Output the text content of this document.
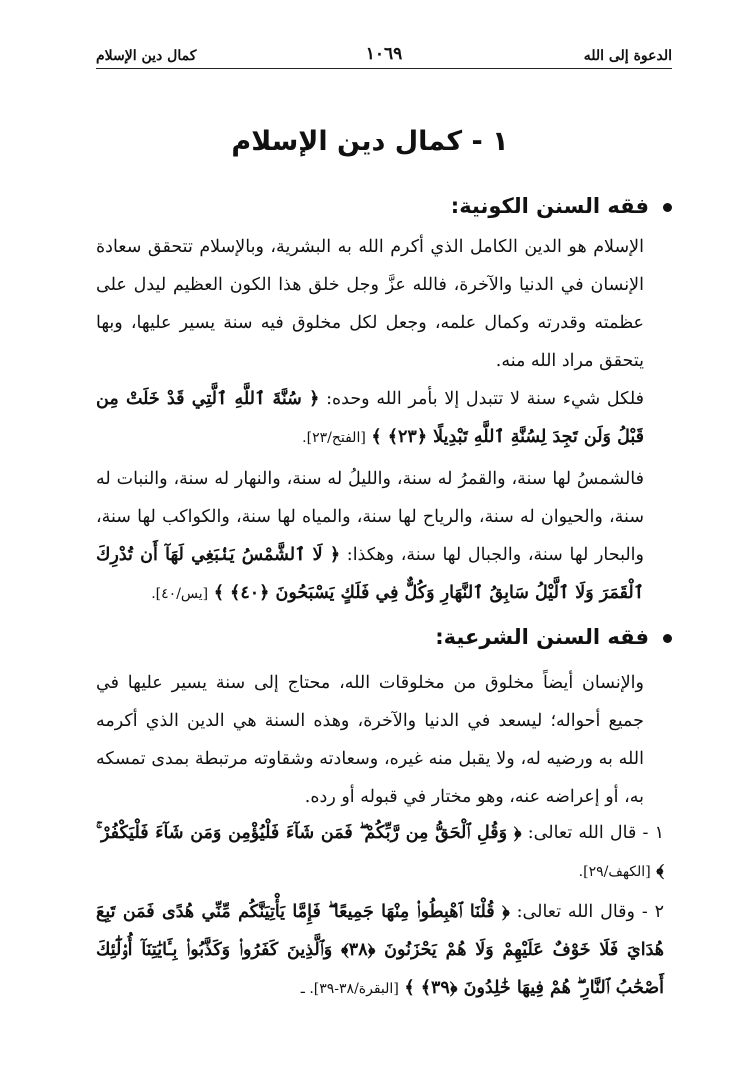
الدعوة إلى الله
١٠٦٩
كمال دين الإسلام
١ - كمال دين الإسلام
فقه السنن الكونية:
الإسلام هو الدين الكامل الذي أكرم الله به البشرية، وبالإسلام تتحقق سعادة الإنسان في الدنيا والآخرة، فالله عزَّ وجل خلق هذا الكون العظيم ليدل على عظمته وقدرته وكمال علمه، وجعل لكل مخلوق فيه سنة يسير عليها، وبها يتحقق مراد الله منه.
فلكل شيء سنة لا تتبدل إلا بأمر الله وحده: ﴿ سُنَّةَ ٱللَّهِ ٱلَّتِي قَدْ خَلَتْ مِن قَبْلُ وَلَن تَجِدَ لِسُنَّةِ ٱللَّهِ تَبْدِيلًا ﴿٢٣﴾ ﴾ [الفتح/٢٣].
فالشمسُ لها سنة، والقمرُ له سنة، والليلُ له سنة، والنهار له سنة، والنبات له سنة، والحيوان له سنة، والرياح لها سنة، والمياه لها سنة، والكواكب لها سنة، والبحار لها سنة، والجبال لها سنة، وهكذا: ﴿ لَا ٱلشَّمْسُ يَنۢبَغِي لَهَآ أَن تُدْرِكَ ٱلْقَمَرَ وَلَا ٱلَّيْلُ سَابِقُ ٱلنَّهَارِ وَكُلٌّ فِي فَلَكٍ يَسْبَحُونَ ﴿٤٠﴾ ﴾ [يس/٤٠].
فقه السنن الشرعية:
والإنسان أيضاً مخلوق من مخلوقات الله، محتاج إلى سنة يسير عليها في جميع أحواله؛ ليسعد في الدنيا والآخرة، وهذه السنة هي الدين الذي أكرمه الله به ورضيه له، ولا يقبل منه غيره، وسعادته وشقاوته مرتبطة بمدى تمسكه به، أو إعراضه عنه، وهو مختار في قبوله أو رده.
١ - قال الله تعالى: ﴿ وَقُلِ ٱلْحَقُّ مِن رَّبِّكُمْ ۖ فَمَن شَآءَ فَلْيُؤْمِن وَمَن شَآءَ فَلْيَكْفُرْ ۚ ﴾ [الكهف/٢٩].
٢ - وقال الله تعالى: ﴿ قُلْنَا ٱهْبِطُوا۟ مِنْهَا جَمِيعًا ۖ فَإِمَّا يَأْتِيَنَّكُم مِّنِّي هُدًى فَمَن تَبِعَ هُدَايَ فَلَا خَوْفٌ عَلَيْهِمْ وَلَا هُمْ يَحْزَنُونَ ﴿٣٨﴾ وَٱلَّذِينَ كَفَرُوا۟ وَكَذَّبُوا۟ بِـَٔايَٰتِنَآ أُو۟لَٰٓئِكَ أَصْحَٰبُ ٱلنَّارِ ۖ هُمْ فِيهَا خَٰلِدُونَ ﴿٣٩﴾ ﴾ [البقرة/٣٨-٣٩]. ـ
